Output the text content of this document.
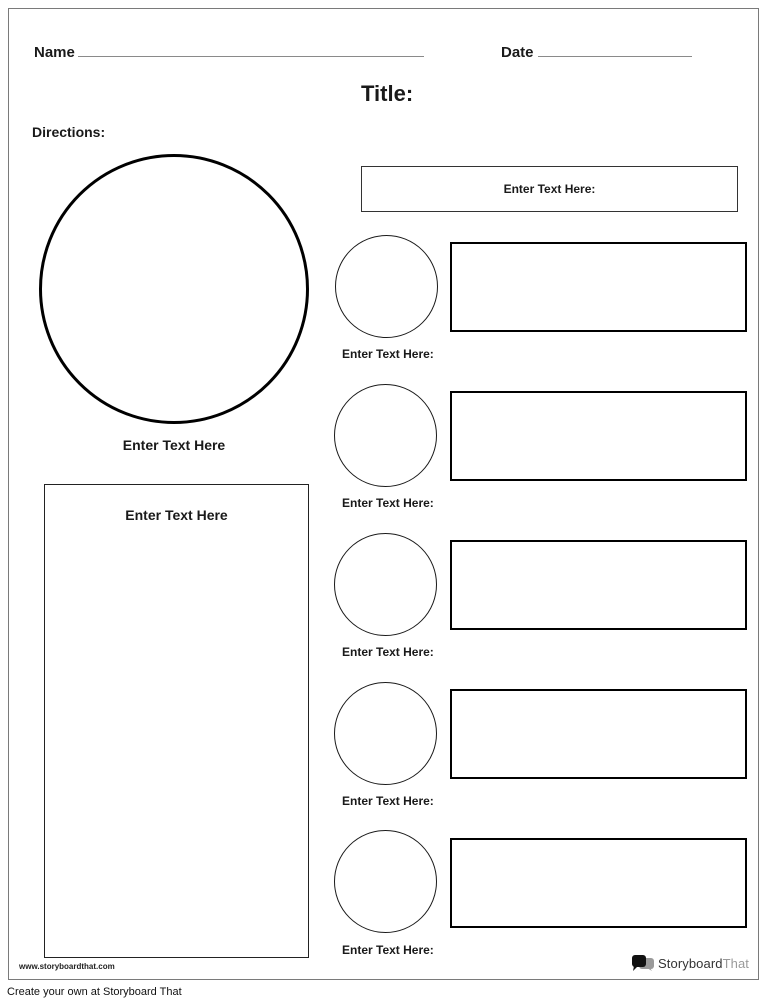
Name	Date
Title:
Directions:
Enter Text Here
Enter Text Here
Enter Text Here:
Enter Text Here:
Enter Text Here:
Enter Text Here:
Enter Text Here:
Enter Text Here:
www.storyboardthat.com	StoryboardThat
Create your own at Storyboard That
